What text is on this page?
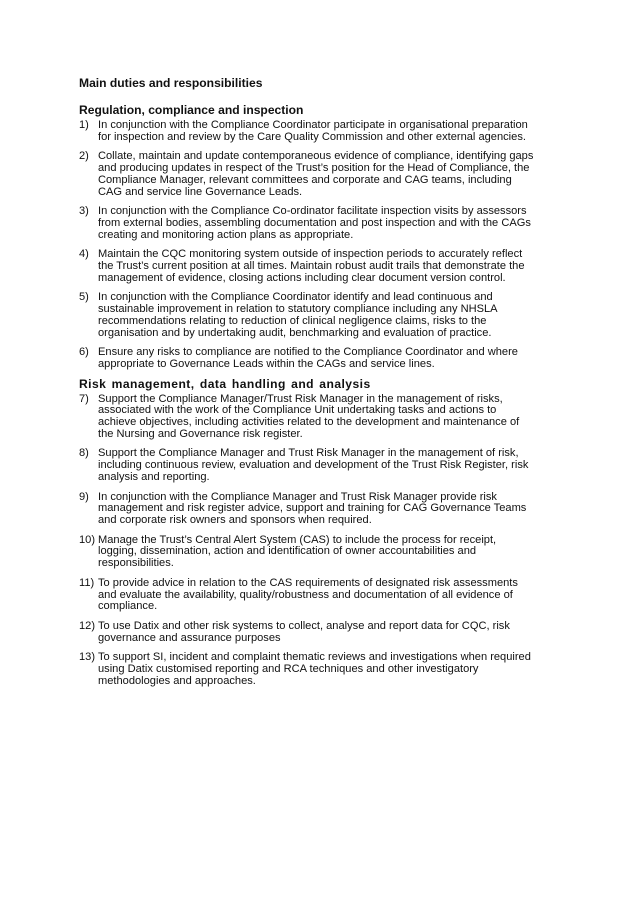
Main duties and responsibilities
Regulation, compliance and inspection
1) In conjunction with the Compliance Coordinator participate in organisational preparation
for inspection and review by the Care Quality Commission and other external agencies.
2) Collate, maintain and update contemporaneous evidence of compliance, identifying gaps
and producing updates in respect of the Trust’s position for the Head of Compliance, the
Compliance Manager, relevant committees and corporate and CAG teams, including
CAG and service line Governance Leads.
3) In conjunction with the Compliance Co-ordinator facilitate inspection visits by assessors
from external bodies, assembling documentation and post inspection and with the CAGs
creating and monitoring action plans as appropriate.
4) Maintain the CQC monitoring system outside of inspection periods to accurately reflect
the Trust’s current position at all times. Maintain robust audit trails that demonstrate the
management of evidence, closing actions including clear document version control.
5) In conjunction with the Compliance Coordinator identify and lead continuous and
sustainable improvement in relation to statutory compliance including any NHSLA
recommendations relating to reduction of clinical negligence claims, risks to the
organisation and by undertaking audit, benchmarking and evaluation of practice.
6) Ensure any risks to compliance are notified to the Compliance Coordinator and where
appropriate to Governance Leads within the CAGs and service lines.
Risk management, data handling and analysis
7) Support the Compliance Manager/Trust Risk Manager in the management of risks,
associated with the work of the Compliance Unit undertaking tasks and actions to
achieve objectives, including activities related to the development and maintenance of
the Nursing and Governance risk register.
8) Support the Compliance Manager and Trust Risk Manager in the management of risk,
including continuous review, evaluation and development of the Trust Risk Register, risk
analysis and reporting.
9) In conjunction with the Compliance Manager and Trust Risk Manager provide risk
management and risk register advice, support and training for CAG Governance Teams
and corporate risk owners and sponsors when required.
10) Manage the Trust’s Central Alert System (CAS) to include the process for receipt,
logging, dissemination, action and identification of owner accountabilities and
responsibilities.
11) To provide advice in relation to the CAS requirements of designated risk assessments
and evaluate the availability, quality/robustness and documentation of all evidence of
compliance.
12) To use Datix and other risk systems to collect, analyse and report data for CQC, risk
governance and assurance purposes
13) To support SI, incident and complaint thematic reviews and investigations when required
using Datix customised reporting and RCA techniques and other investigatory
methodologies and approaches.
